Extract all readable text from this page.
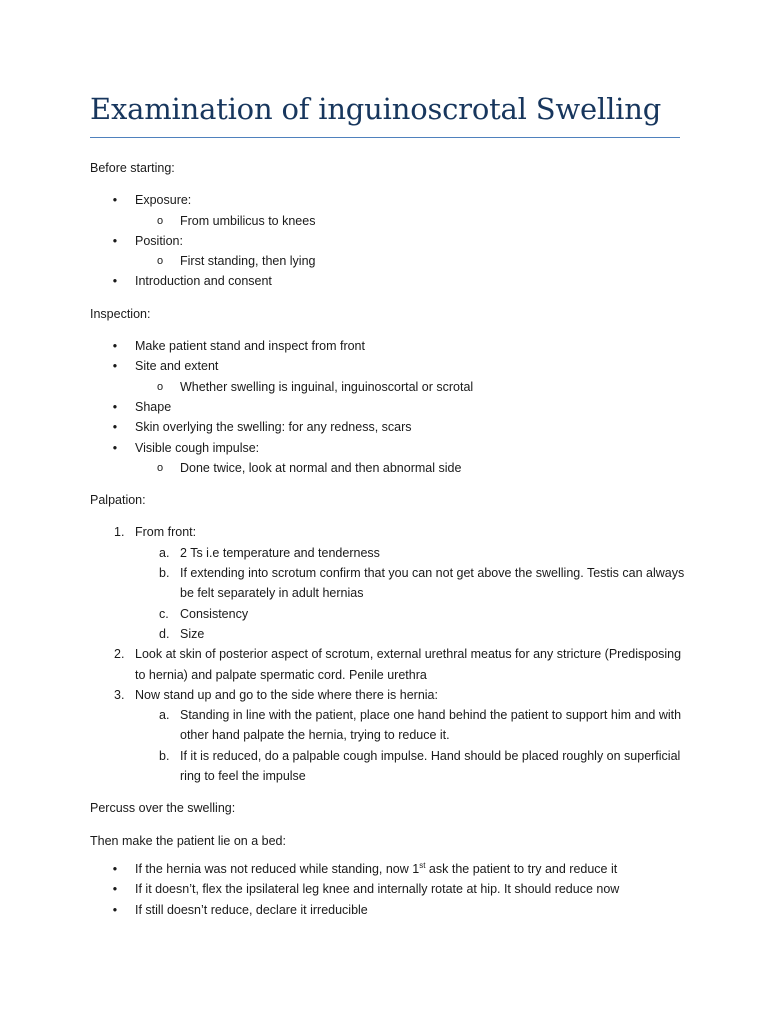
Examination of inguinoscrotal Swelling

Before starting:

•	Exposure:
o	From umbilicus to knees
•	Position:
o	First standing, then lying
•	Introduction and consent

Inspection:

•	Make patient stand and inspect from front
•	Site and extent
o	Whether swelling is inguinal, inguinoscortal or scrotal
•	Shape
•	Skin overlying the swelling: for any redness, scars
•	Visible cough impulse:
o	Done twice, look at normal and then abnormal side

Palpation:

1. From front:
a. 2 Ts i.e temperature and tenderness
b. If extending into scrotum confirm that you can not get above the swelling. Testis can always be felt separately in adult hernias
c. Consistency
d. Size
2. Look at skin of posterior aspect of scrotum, external urethral meatus for any stricture (Predisposing to hernia) and palpate spermatic cord. Penile urethra
3. Now stand up and go to the side where there is hernia:
a. Standing in line with the patient, place one hand behind the patient to support him and with other hand palpate the hernia, trying to reduce it.
b. If it is reduced, do a palpable cough impulse. Hand should be placed roughly on superficial ring to feel the impulse

Percuss over the swelling:

Then make the patient lie on a bed:

•	If the hernia was not reduced while standing, now 1st ask the patient to try and reduce it
•	If it doesn’t, flex the ipsilateral leg knee and internally rotate at hip. It should reduce now
•	If still doesn’t reduce, declare it irreducible
